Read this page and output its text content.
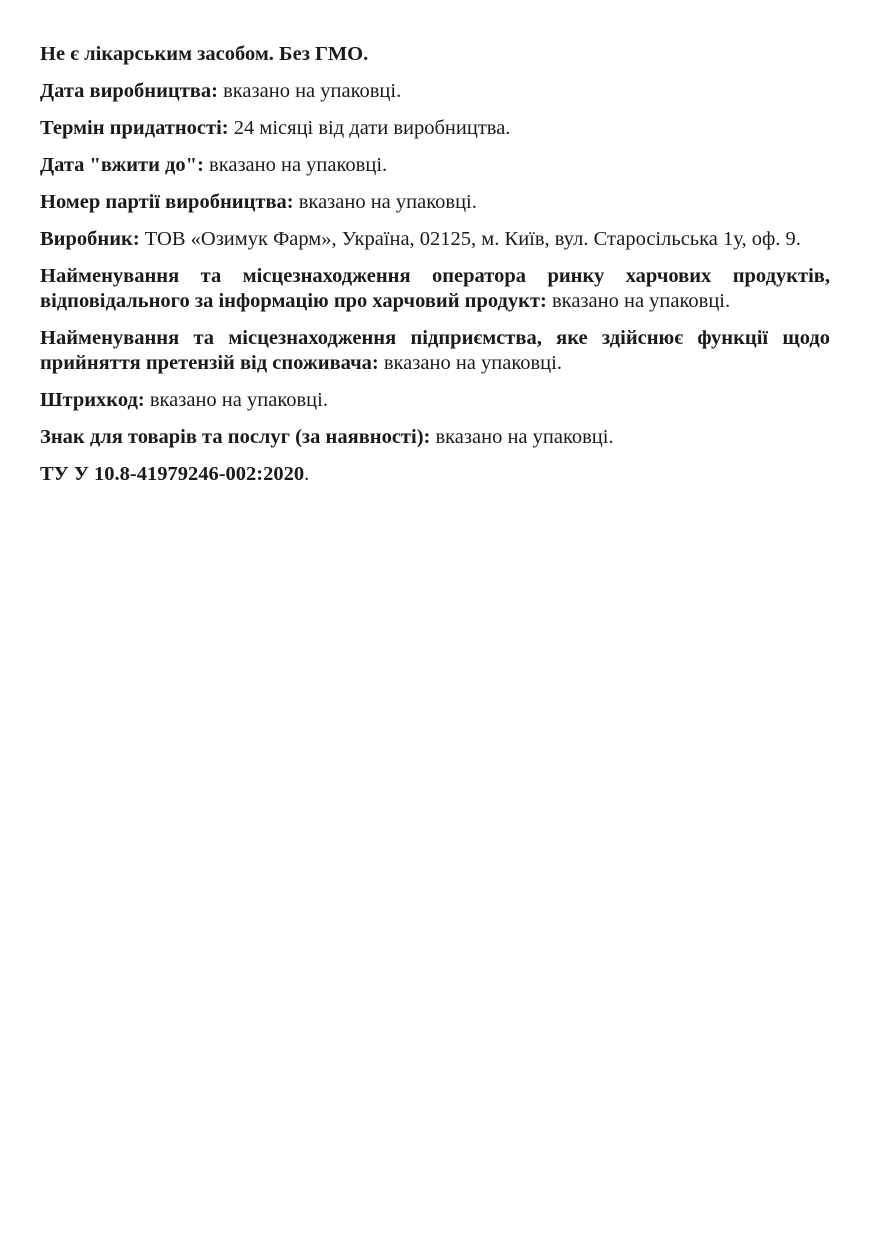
Не є лікарським засобом. Без ГМО.

Дата виробництва: вказано на упаковці.

Термін придатності: 24 місяці від дати виробництва.

Дата "вжити до": вказано на упаковці.

Номер партії виробництва: вказано на упаковці.

Виробник: ТОВ «Озимук Фарм», Україна, 02125, м. Київ, вул. Старосільська 1у, оф. 9.

Найменування та місцезнаходження оператора ринку харчових продуктів, відповідального за інформацію про харчовий продукт: вказано на упаковці.

Найменування та місцезнаходження підприємства, яке здійснює функції щодо прийняття претензій від споживача: вказано на упаковці.

Штрихкод: вказано на упаковці.

Знак для товарів та послуг (за наявності): вказано на упаковці.

ТУ У 10.8-41979246-002:2020.
